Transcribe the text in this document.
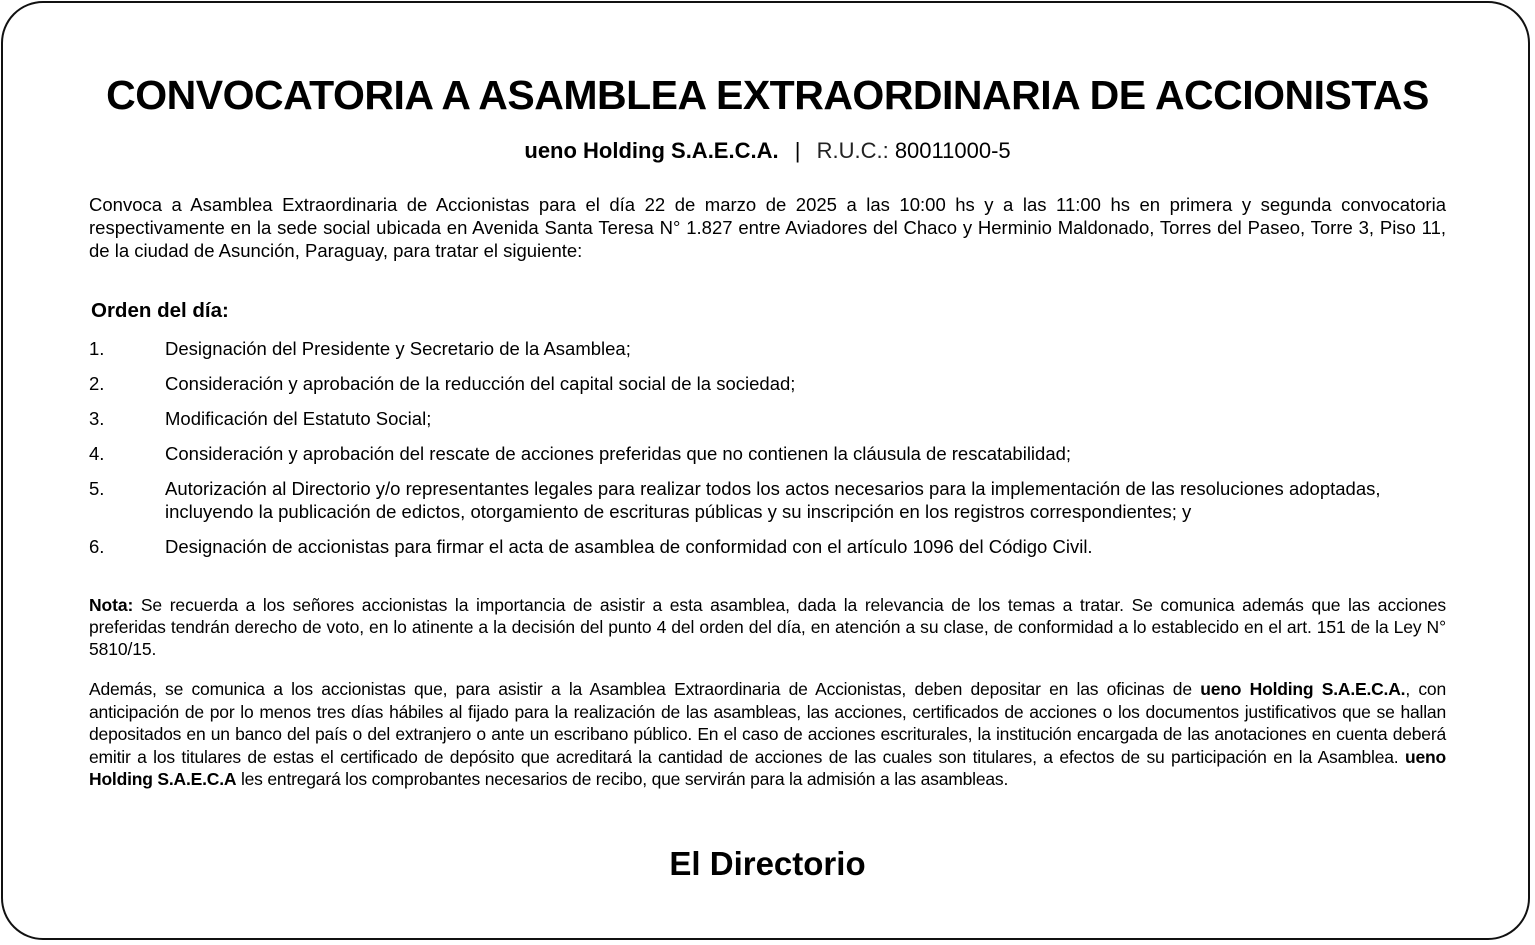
CONVOCATORIA A ASAMBLEA EXTRAORDINARIA DE ACCIONISTAS
ueno Holding S.A.E.C.A. | R.U.C.: 80011000-5

Convoca a Asamblea Extraordinaria de Accionistas para el día 22 de marzo de 2025 a las 10:00 hs y a las 11:00 hs en primera y segunda convocatoria respectivamente en la sede social ubicada en Avenida Santa Teresa N° 1.827 entre Aviadores del Chaco y Herminio Maldonado, Torres del Paseo, Torre 3, Piso 11, de la ciudad de Asunción, Paraguay, para tratar el siguiente:

Orden del día:
1.	Designación del Presidente y Secretario de la Asamblea;
2.	Consideración y aprobación de la reducción del capital social de la sociedad;
3.	Modificación del Estatuto Social;
4.	Consideración y aprobación del rescate de acciones preferidas que no contienen la cláusula de rescatabilidad;
5.	Autorización al Directorio y/o representantes legales para realizar todos los actos necesarios para la implementación de las resoluciones adoptadas, incluyendo la publicación de edictos, otorgamiento de escrituras públicas y su inscripción en los registros correspondientes; y
6.	Designación de accionistas para firmar el acta de asamblea de conformidad con el artículo 1096 del Código Civil.

Nota: Se recuerda a los señores accionistas la importancia de asistir a esta asamblea, dada la relevancia de los temas a tratar. Se comunica además que las acciones preferidas tendrán derecho de voto, en lo atinente a la decisión del punto 4 del orden del día, en atención a su clase, de conformidad a lo establecido en el art. 151 de la Ley N° 5810/15.

Además, se comunica a los accionistas que, para asistir a la Asamblea Extraordinaria de Accionistas, deben depositar en las oficinas de ueno Holding S.A.E.C.A., con anticipación de por lo menos tres días hábiles al fijado para la realización de las asambleas, las acciones, certificados de acciones o los documentos justificativos que se hallan depositados en un banco del país o del extranjero o ante un escribano público. En el caso de acciones escriturales, la institución encargada de las anotaciones en cuenta deberá emitir a los titulares de estas el certificado de depósito que acreditará la cantidad de acciones de las cuales son titulares, a efectos de su participación en la Asamblea. ueno Holding S.A.E.C.A les entregará los comprobantes necesarios de recibo, que servirán para la admisión a las asambleas.

El Directorio
